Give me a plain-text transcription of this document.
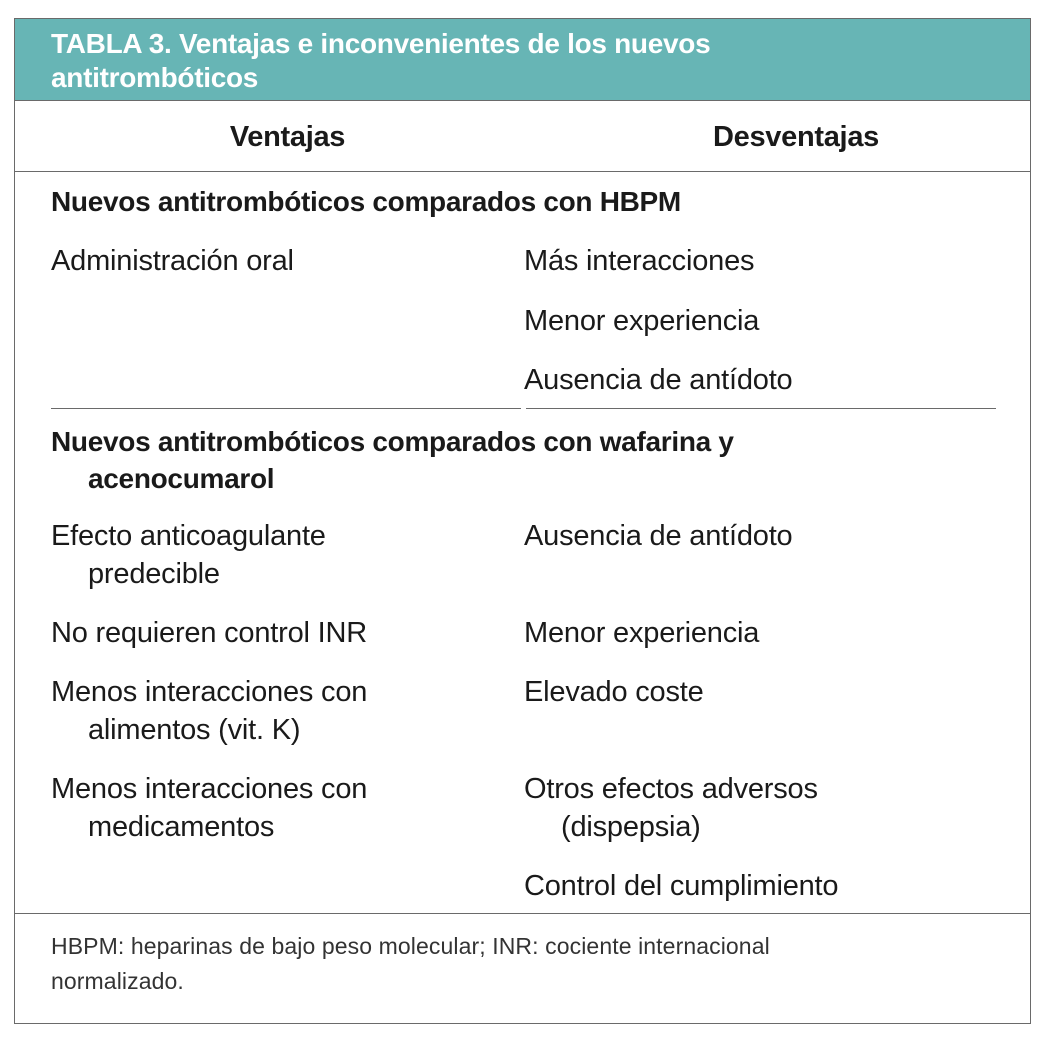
TABLA 3. Ventajas e inconvenientes de los nuevos
antitrombóticos
Ventajas	Desventajas
Nuevos antitrombóticos comparados con HBPM
Administración oral	Más interacciones
Menor experiencia
Ausencia de antídoto
Nuevos antitrombóticos comparados con wafarina y
acenocumarol
Efecto anticoagulante
predecible
No requieren control INR
Menos interacciones con
alimentos (vit. K)
Menos interacciones con
medicamentos
Ausencia de antídoto
Menor experiencia
Elevado coste
Otros efectos adversos
(dispepsia)
Control del cumplimiento
HBPM: heparinas de bajo peso molecular; INR: cociente internacional
normalizado.
